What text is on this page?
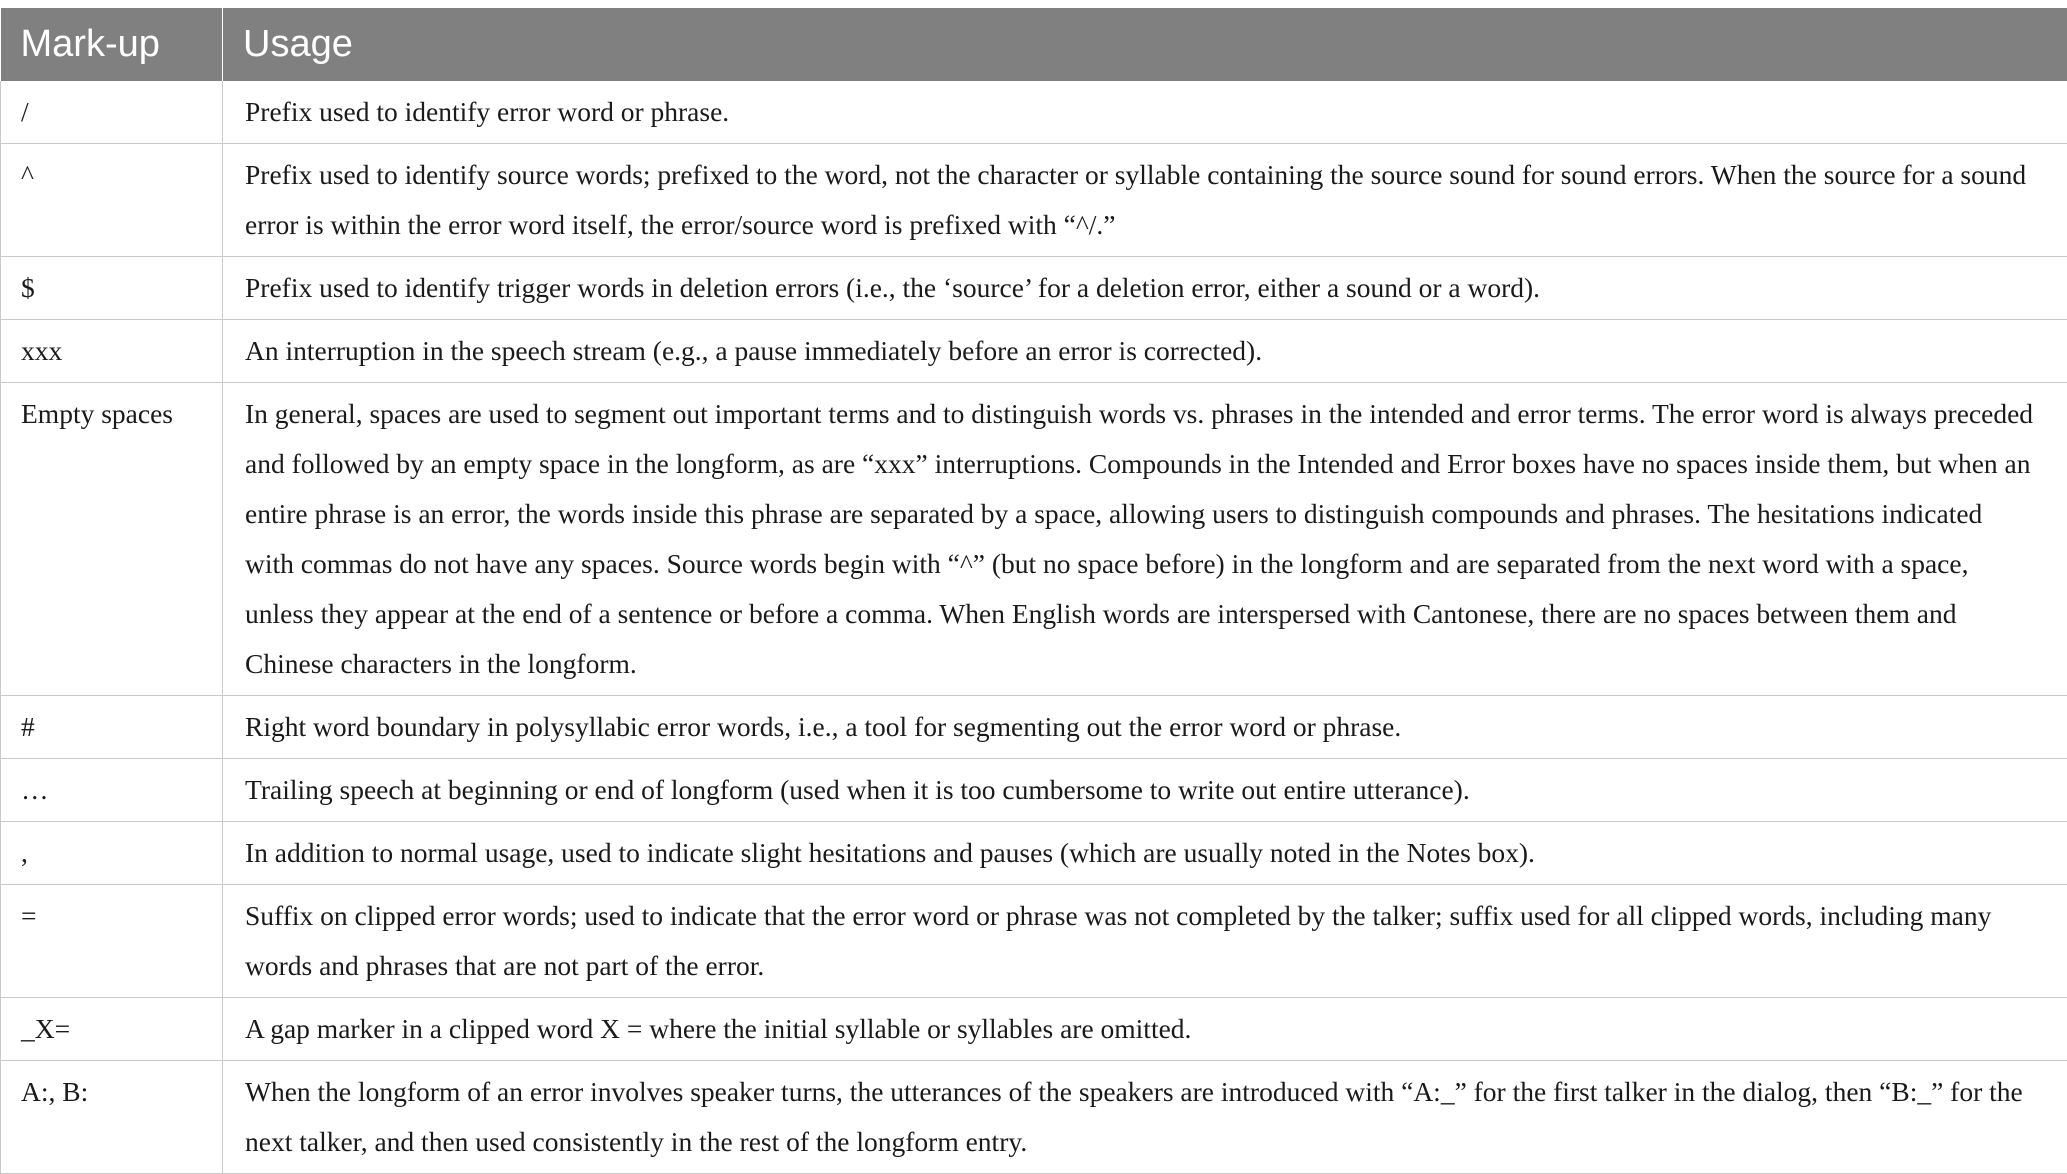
Mark-up	Usage
/	Prefix used to identify error word or phrase.
^	Prefix used to identify source words; prefixed to the word, not the character or syllable containing the source sound for sound errors. When the source for a sound error is within the error word itself, the error/source word is prefixed with “^/.”
$	Prefix used to identify trigger words in deletion errors (i.e., the ‘source’ for a deletion error, either a sound or a word).
xxx	An interruption in the speech stream (e.g., a pause immediately before an error is corrected).
Empty spaces	In general, spaces are used to segment out important terms and to distinguish words vs. phrases in the intended and error terms. The error word is always preceded and followed by an empty space in the longform, as are “xxx” interruptions. Compounds in the Intended and Error boxes have no spaces inside them, but when an entire phrase is an error, the words inside this phrase are separated by a space, allowing users to distinguish compounds and phrases. The hesitations indicated with commas do not have any spaces. Source words begin with “^” (but no space before) in the longform and are separated from the next word with a space, unless they appear at the end of a sentence or before a comma. When English words are interspersed with Cantonese, there are no spaces between them and Chinese characters in the longform.
#	Right word boundary in polysyllabic error words, i.e., a tool for segmenting out the error word or phrase.
…	Trailing speech at beginning or end of longform (used when it is too cumbersome to write out entire utterance).
,	In addition to normal usage, used to indicate slight hesitations and pauses (which are usually noted in the Notes box).
=	Suffix on clipped error words; used to indicate that the error word or phrase was not completed by the talker; suffix used for all clipped words, including many words and phrases that are not part of the error.
_X=	A gap marker in a clipped word X = where the initial syllable or syllables are omitted.
A:, B:	When the longform of an error involves speaker turns, the utterances of the speakers are introduced with “A:_” for the first talker in the dialog, then “B:_” for the next talker, and then used consistently in the rest of the longform entry.
